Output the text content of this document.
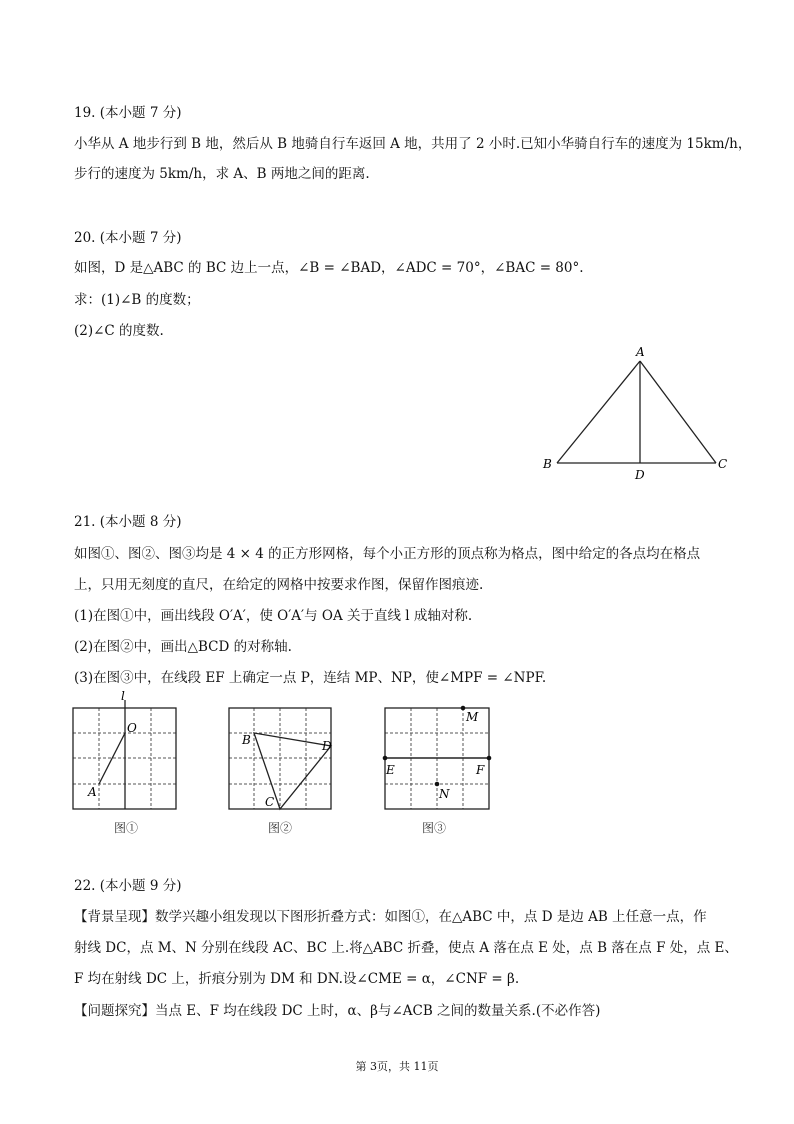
19. (本小题 7 分)
小华从 A 地步行到 B 地，然后从 B 地骑自行车返回 A 地，共用了 2 小时.已知小华骑自行车的速度为 15km/h，
步行的速度为 5km/h，求 A、B 两地之间的距离.
20. (本小题 7 分)
如图，D 是△ABC 的 BC 边上一点，∠B = ∠BAD，∠ADC = 70°，∠BAC = 80°.
求：(1)∠B 的度数；
(2)∠C 的度数.
A
B	C
D
21. (本小题 8 分)
如图①、图②、图③均是 4 × 4 的正方形网格，每个小正方形的顶点称为格点，图中给定的各点均在格点
上，只用无刻度的直尺，在给定的网格中按要求作图，保留作图痕迹.
(1)在图①中，画出线段 O′A′，使 O′A′与 OA 关于直线 l 成轴对称.
(2)在图②中，画出△BCD 的对称轴.
(3)在图③中，在线段 EF 上确定一点 P，连结 MP、NP，使∠MPF = ∠NPF.
l
O
A
图①
B
C
D
图②
M
N
E	F
图③
22. (本小题 9 分)
【背景呈现】数学兴趣小组发现以下图形折叠方式：如图①，在△ABC 中，点 D 是边 AB 上任意一点，作
射线 DC，点 M、N 分别在线段 AC、BC 上.将△ABC 折叠，使点 A 落在点 E 处，点 B 落在点 F 处，点 E、
F 均在射线 DC 上，折痕分别为 DM 和 DN.设∠CME = α，∠CNF = β.
【问题探究】当点 E、F 均在线段 DC 上时，α、β与∠ACB 之间的数量关系.(不必作答)
第 3页，共 11页
